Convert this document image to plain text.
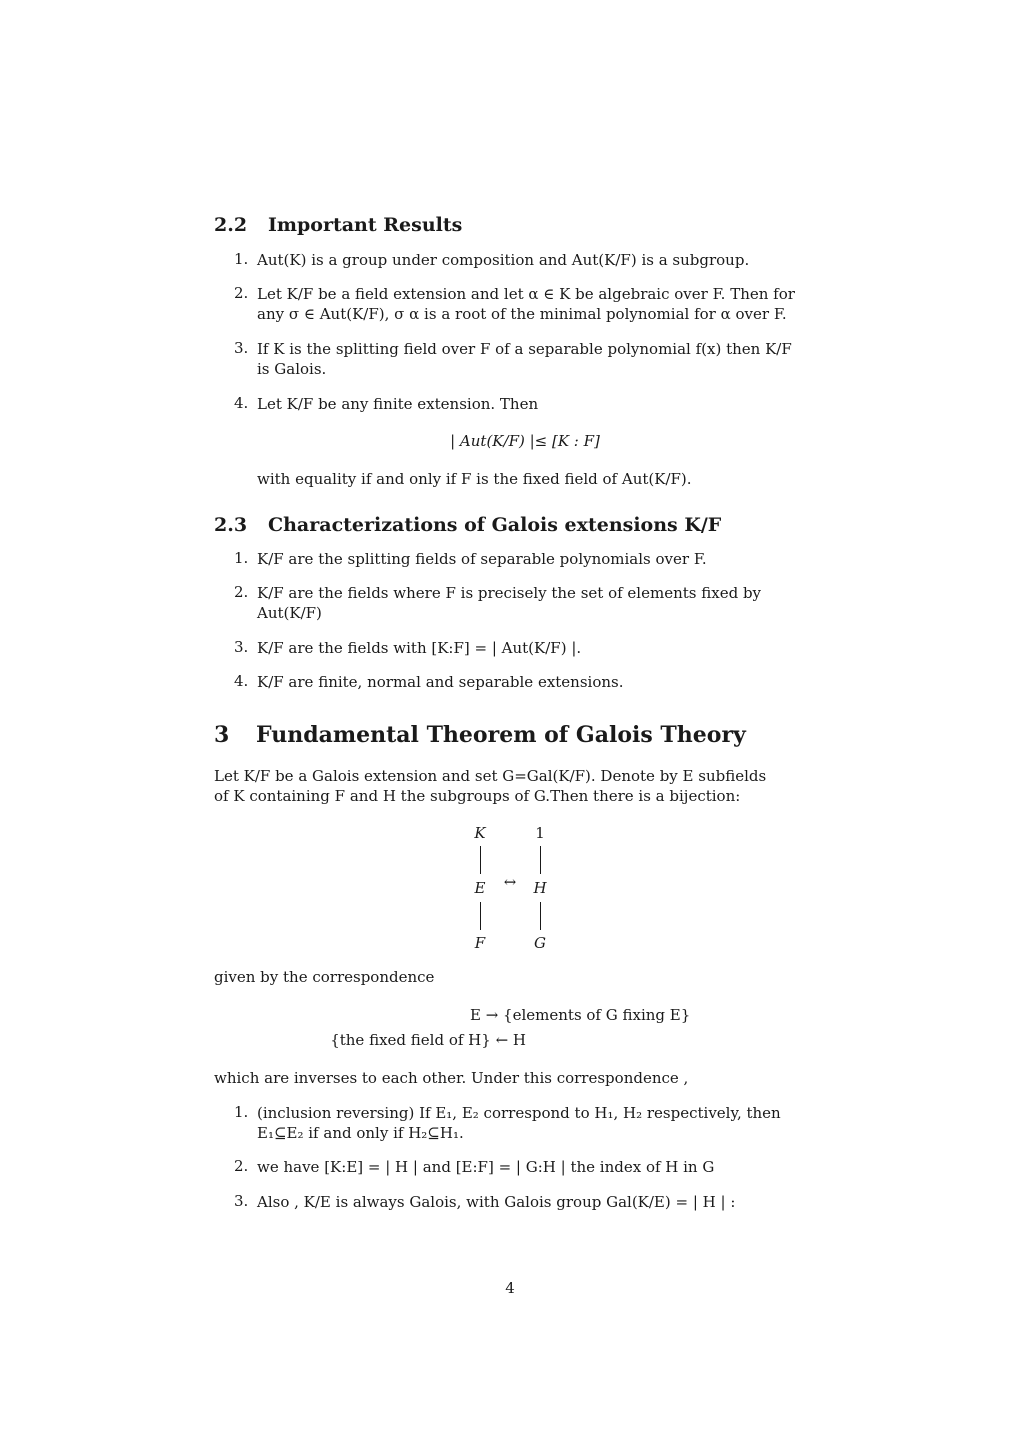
2.2 Important Results
1. Aut(K) is a group under composition and Aut(K/F) is a subgroup.
2. Let K/F be a field extension and let α ∈ K be algebraic over F. Then for
any σ ∈ Aut(K/F), σ α is a root of the minimal polynomial for α over F.
3. If K is the splitting field over F of a separable polynomial f(x) then K/F
is Galois.
4. Let K/F be any finite extension. Then
| Aut(K/F) |≤ [K : F]
with equality if and only if F is the fixed field of Aut(K/F).
2.3 Characterizations of Galois extensions K/F
1. K/F are the splitting fields of separable polynomials over F.
2. K/F are the fields where F is precisely the set of elements fixed by
Aut(K/F)
3. K/F are the fields with [K:F] = | Aut(K/F) |.
4. K/F are finite, normal and separable extensions.
3 Fundamental Theorem of Galois Theory
Let K/F be a Galois extension and set G=Gal(K/F). Denote by E subfields
of K containing F and H the subgroups of G.Then there is a bijection:
K	1
E	↔	H
F	G
given by the correspondence
E → {elements of G fixing E}
{the fixed field of H} ← H
which are inverses to each other. Under this correspondence ,
1. (inclusion reversing) If E₁, E₂ correspond to H₁, H₂ respectively, then
E₁⊆E₂ if and only if H₂⊆H₁.
2. we have [K:E] = | H | and [E:F] = | G:H | the index of H in G
3. Also , K/E is always Galois, with Galois group Gal(K/E) = | H | :
4
